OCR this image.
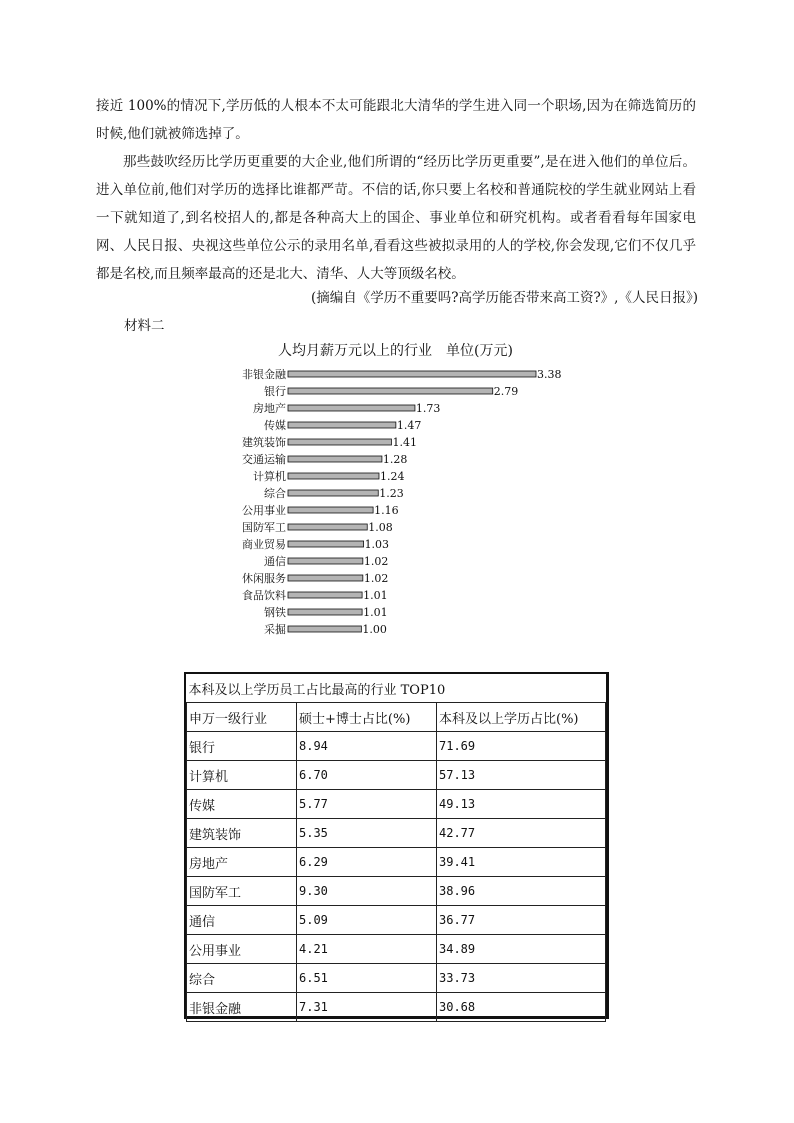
接近 100%的情况下,学历低的人根本不太可能跟北大清华的学生进入同一个职场,因为在筛选简历的时候,他们就被筛选掉了。

那些鼓吹经历比学历更重要的大企业,他们所谓的“经历比学历更重要”,是在进入他们的单位后。进入单位前,他们对学历的选择比谁都严苛。不信的话,你只要上名校和普通院校的学生就业网站上看一下就知道了,到名校招人的,都是各种高大上的国企、事业单位和研究机构。或者看看每年国家电网、人民日报、央视这些单位公示的录用名单,看看这些被拟录用的人的学校,你会发现,它们不仅几乎都是名校,而且频率最高的还是北大、清华、人大等顶级名校。

(摘编自《学历不重要吗?高学历能否带来高工资?》,《人民日报》)
材料二
人均月薪万元以上的行业　单位(万元)
非银金融	3.38
银行	2.79
房地产	1.73
传媒	1.47
建筑装饰	1.41
交通运输	1.28
计算机	1.24
综合	1.23
公用事业	1.16
国防军工	1.08
商业贸易	1.03
通信	1.02
休闲服务	1.02
食品饮料	1.01
钢铁	1.01
采掘	1.00
本科及以上学历员工占比最高的行业 TOP10		
申万一级行业	硕士+博士占比(%)	本科及以上学历占比(%)
银行	8.94	71.69
计算机	6.70	57.13
传媒	5.77	49.13
建筑装饰	5.35	42.77
房地产	6.29	39.41
国防军工	9.30	38.96
通信	5.09	36.77
公用事业	4.21	34.89
综合	6.51	33.73
非银金融	7.31	30.68
